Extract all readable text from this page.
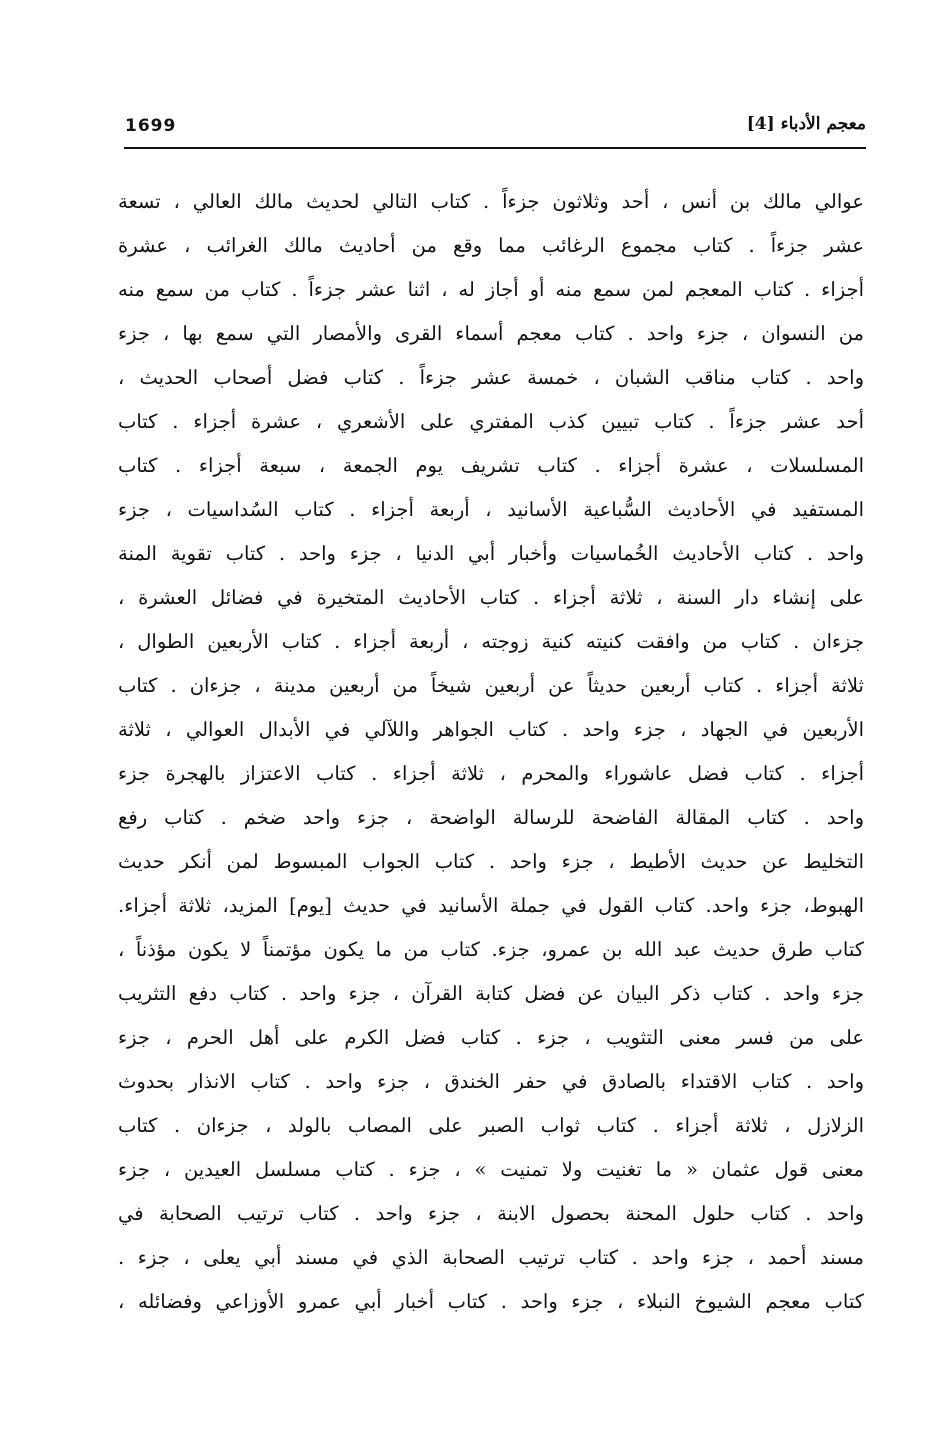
1699	معجم الأدباء [4]
عوالي مالك بن أنس ، أحد وثلاثون جزءاً . كتاب التالي لحديث مالك العالي ، تسعة
عشر جزءاً . كتاب مجموع الرغائب مما وقع من أحاديث مالك الغرائب ، عشرة
أجزاء . كتاب المعجم لمن سمع منه أو أجاز له ، اثنا عشر جزءاً . كتاب من سمع منه
من النسوان ، جزء واحد . كتاب معجم أسماء القرى والأمصار التي سمع بها ، جزء
واحد . كتاب مناقب الشبان ، خمسة عشر جزءاً . كتاب فضل أصحاب الحديث ،
أحد عشر جزءاً . كتاب تبيين كذب المفتري على الأشعري ، عشرة أجزاء . كتاب
المسلسلات ، عشرة أجزاء . كتاب تشريف يوم الجمعة ، سبعة أجزاء . كتاب
المستفيد في الأحاديث السُّباعية الأسانيد ، أربعة أجزاء . كتاب السُداسيات ، جزء
واحد . كتاب الأحاديث الخُماسيات وأخبار أبي الدنيا ، جزء واحد . كتاب تقوية المنة
على إنشاء دار السنة ، ثلاثة أجزاء . كتاب الأحاديث المتخيرة في فضائل العشرة ،
جزءان . كتاب من وافقت كنيته كنية زوجته ، أربعة أجزاء . كتاب الأربعين الطوال ،
ثلاثة أجزاء . كتاب أربعين حديثاً عن أربعين شيخاً من أربعين مدينة ، جزءان . كتاب
الأربعين في الجهاد ، جزء واحد . كتاب الجواهر واللآلي في الأبدال العوالي ، ثلاثة
أجزاء . كتاب فضل عاشوراء والمحرم ، ثلاثة أجزاء . كتاب الاعتزاز بالهجرة جزء
واحد . كتاب المقالة الفاضحة للرسالة الواضحة ، جزء واحد ضخم . كتاب رفع
التخليط عن حديث الأطيط ، جزء واحد . كتاب الجواب المبسوط لمن أنكر حديث
الهبوط، جزء واحد. كتاب القول في جملة الأسانيد في حديث [يوم] المزيد، ثلاثة أجزاء.
كتاب طرق حديث عبد الله بن عمرو، جزء. كتاب من ما يكون مؤتمناً لا يكون مؤذناً ،
جزء واحد . كتاب ذكر البيان عن فضل كتابة القرآن ، جزء واحد . كتاب دفع التثريب
على من فسر معنى التثويب ، جزء . كتاب فضل الكرم على أهل الحرم ، جزء
واحد . كتاب الاقتداء بالصادق في حفر الخندق ، جزء واحد . كتاب الانذار بحدوث
الزلازل ، ثلاثة أجزاء . كتاب ثواب الصبر على المصاب بالولد ، جزءان . كتاب
معنى قول عثمان « ما تغنيت ولا تمنيت » ، جزء . كتاب مسلسل العيدين ، جزء
واحد . كتاب حلول المحنة بحصول الابنة ، جزء واحد . كتاب ترتيب الصحابة في
مسند أحمد ، جزء واحد . كتاب ترتيب الصحابة الذي في مسند أبي يعلى ، جزء .
كتاب معجم الشيوخ النبلاء ، جزء واحد . كتاب أخبار أبي عمرو الأوزاعي وفضائله ،
